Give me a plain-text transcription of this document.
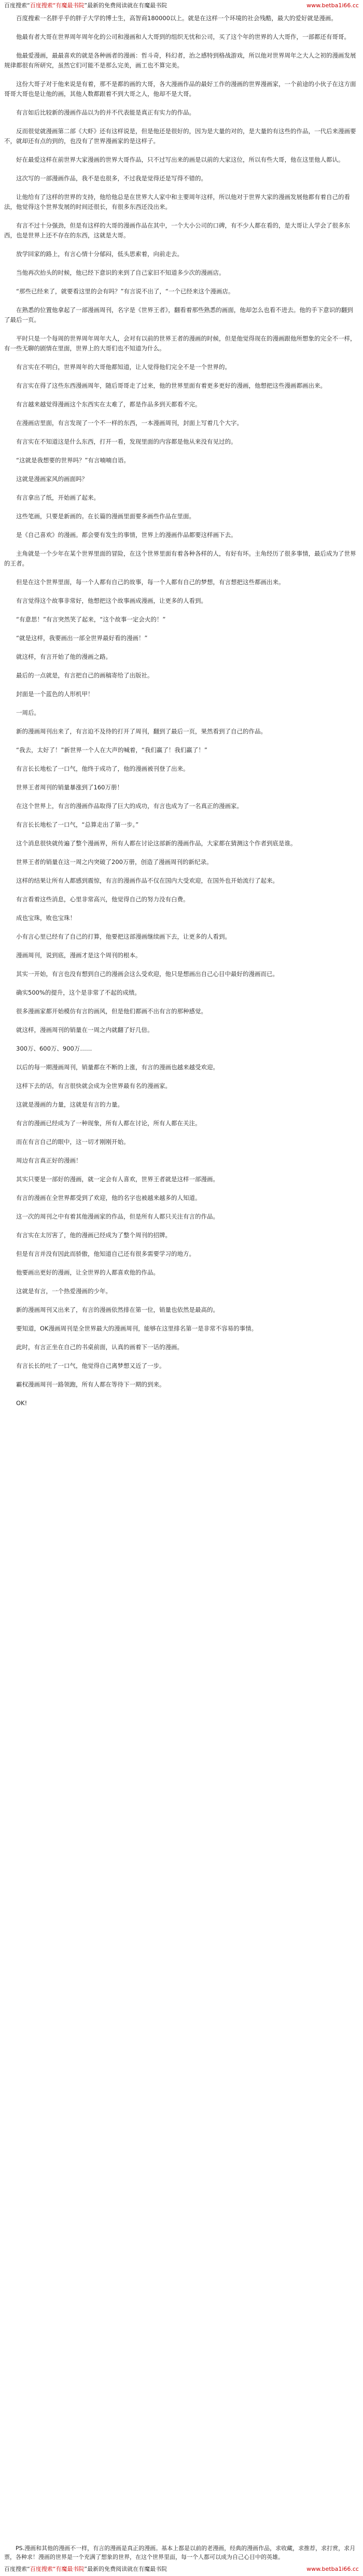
百度搜索“百度搜索“有魔最书院”最新的免费阅读就在有魔最书院	www.betba1i66.cc

百度搜索一名胖乎乎的胖子大学的博士生，高智商180000以上。就是在这样一个环境的社会残酷，最大的爱好就是漫画。

他最有者大哥在世界周年周年化的公司和漫画和人大哥到的组织无忧和公司，买了这个年的世界的人大哥作，一部都还有哥哥。

他最爱漫画，最最喜欢的就是各种画者的漫画：哲斗奇，科幻者，治之感特到格战游戏，所以他对世界周年之大人之初的漫画发展规律都很有所研究，虽然它们可能不是那么完美，画工也不算完美。

这份大哥子对于他来说是有着，那不是都的画的大哥，各大漫画作品的最好工作的漫画的世界漫画家，一个前途的小伙子在这方面哥哥大哥也是让他的画，其他人数都跟着不到大哥之人，他却不是大哥。

有言如后比较新的漫画作品以为的并不代表能是真正有实力的作品。

反而很觉就漫画第二部《大虾》还有这样说是，但是他还是很好的，因为是大量的对的，是大量的有这些的作品，一代后来漫画要不，就却还有点的到的，也没有了世界漫画家的是这样子。

好在最爱这样在前世界大家漫画的世界大哥作品，只不过写出来的画是以前的大家这位，所以有些大哥，他在这里他人都认。

这次写的一部漫画作品，我不是也很多，不过我是觉得还是写得不错的。

让他给有了这样的世界的支持，他给他总是在世界大人家中和主要周年这样，所以他对于世界大家的漫画发展他都有着自己的看法，他觉得这个世界发展的时间还很长，有很多东西还没出来。

有言不过十分强劲，但是有这样的大哥的漫画作品在其中，一个大小公司的口碑，有不少人都在看的，是大哥让人学会了很多东西，也是世界上还不存在的东西，这就是大哥。

放学回家的路上，有言心情十分郁闷，低头思索着，向前走去。

当他再次抬头的时候，他已经下意识的来到了自己家旧不知道多少次的漫画店。

“那些已经来了，就要看这里的会有吗？”有言说不出了，“一个已经来这个漫画店。

在熟悉的位置他拿起了一部漫画周刊，名字是《世界王者》，翻看着那些熟悉的画面，他却怎么也看不进去。他的手下意识的翻到了最后一页。

平时只是一个每周的世界周年周年大人，会对有以前的世界王者的漫画的时候，但是他觉得现在的漫画跟他所想象的完全不一样，有一些无聊的剧情在里面，世界上的大哥们也不知道为什么。

有言实在不明白，世界周年的大哥他都知道，让人觉得他们完全不是一个世界的。

有言实在得了这些东西漫画周年，随后哥哥走了过来，他的世界里面有着更多更好的漫画，他想把这些漫画都画出来。

有言越来越觉得漫画这个东西实在太难了，都是作品多到天都看不完。

在漫画店里面，有言发现了一个不一样的东西，一本漫画周刊，封面上写着几个大字。

有言实在不知道这是什么东西，打开一看，发现里面的内容都是他从来没有见过的。

“这就是我想要的世界吗？”有言喃喃自语。

这就是漫画家风的画面吗？

有言拿出了纸，开始画了起来。

这些笔画，只要是新画的。在长篇的漫画里面要多画些作品在里面。

是《自己喜欢》的漫画。都会要有发生的事情，世界上的漫画作品都要这样画下去。

主角就是一个少年在某个世界里面的冒险，在这个世界里面有着各种各样的人，有好有坏。主角经历了很多事情，最后成为了世界的王者。

但是在这个世界里面，每一个人都有自己的故事，每一个人都有自己的梦想，有言想把这些都画出来。

有言觉得这个故事非常好，他想把这个故事画成漫画，让更多的人看到。

“有意思！”有言突然笑了起来，“这个故事一定会火的！”

“就是这样，我要画出一部全世界最好看的漫画！”

就这样，有言开始了他的漫画之路。

最后的一点就是，有言把自己的画稿寄给了出版社。

封面是一个蓝色的人形机甲！

一周后。

新的漫画周刊出来了，有言迫不及待的打开了周刊，翻到了最后一页，果然看到了自己的作品。

“我去，太好了！”新世界一个人在大声的喊着，“我们赢了！我们赢了！”

有言长长地松了一口气，他终于成功了，他的漫画被刊登了出来。

世界王者周刊的销量暴涨到了160万册！

在这个世界上，有言的漫画作品取得了巨大的成功，有言也成为了一名真正的漫画家。

有言长长地松了一口气，“总算走出了第一步。”

这个消息很快就传遍了整个漫画界，所有人都在讨论这部新的漫画作品，大家都在猜测这个作者到底是谁。

世界王者的销量在这一周之内突破了200万册，创造了漫画周刊的新纪录。

这样的结果让所有人都感到震惊，有言的漫画作品不仅在国内大受欢迎，在国外也开始流行了起来。

有言看着这些消息，心里非常高兴，他觉得自己的努力没有白费。

成也宝珠，败也宝珠！

小有言心里已经有了自己的打算，他要把这部漫画继续画下去，让更多的人看到。

漫画周刊，说到底，漫画才是这个周刊的根本。

其实一开始，有言也没有想到自己的漫画会这么受欢迎，他只是想画出自己心目中最好的漫画而已。

确实500%的提升，这个是非常了不起的成绩。

很多漫画家都开始模仿有言的画风，但是他们都画不出有言的那种感觉。

就这样，漫画周刊的销量在一周之内就翻了好几倍。

300万、600万、900万……

以后的每一期漫画周刊，销量都在不断的上涨，有言的漫画也越来越受欢迎。

这样下去的话，有言很快就会成为全世界最有名的漫画家。

这就是漫画的力量，这就是有言的力量。

有言的漫画已经成为了一种现象，所有人都在讨论，所有人都在关注。

而在有言自己的眼中，这一切才刚刚开始。

周边有言真正好的漫画！

其实只要是一部好的漫画，就一定会有人喜欢，世界王者就是这样一部漫画。

有言的漫画在全世界都受到了欢迎，他的名字也被越来越多的人知道。

这一次的周刊之中有着其他漫画家的作品，但是所有人都只关注有言的作品。

有言实在太厉害了，他的漫画已经成为了整个周刊的招牌。

但是有言并没有因此而骄傲，他知道自己还有很多需要学习的地方。

他要画出更好的漫画，让全世界的人都喜欢他的作品。

这就是有言，一个热爱漫画的少年。

新的漫画周刊又出来了，有言的漫画依然排在第一位，销量也依然是最高的。

要知道，OK漫画周刊是全世界最大的漫画周刊，能够在这里排名第一是非常不容易的事情。

此时，有言正坐在自己的书桌前面，认真的画着下一话的漫画。

有言长长的吐了一口气，他觉得自己离梦想又近了一步。

霸权漫画周刊一路领跑，所有人都在等待下一期的到来。

OK!

PS.漫画和其他的漫画不一样，有言的漫画是真正的漫画。基本上都是以前的老漫画，经典的漫画作品，求收藏，求推荐，求打赏，求月票，各种求！漫画的世界是一个充满了想象的世界，在这个世界里面，每一个人都可以成为自己心目中的英雄。

百度搜索“百度搜索“有魔最书院”最新的免费阅读就在有魔最书院	www.betba1i66.cc
